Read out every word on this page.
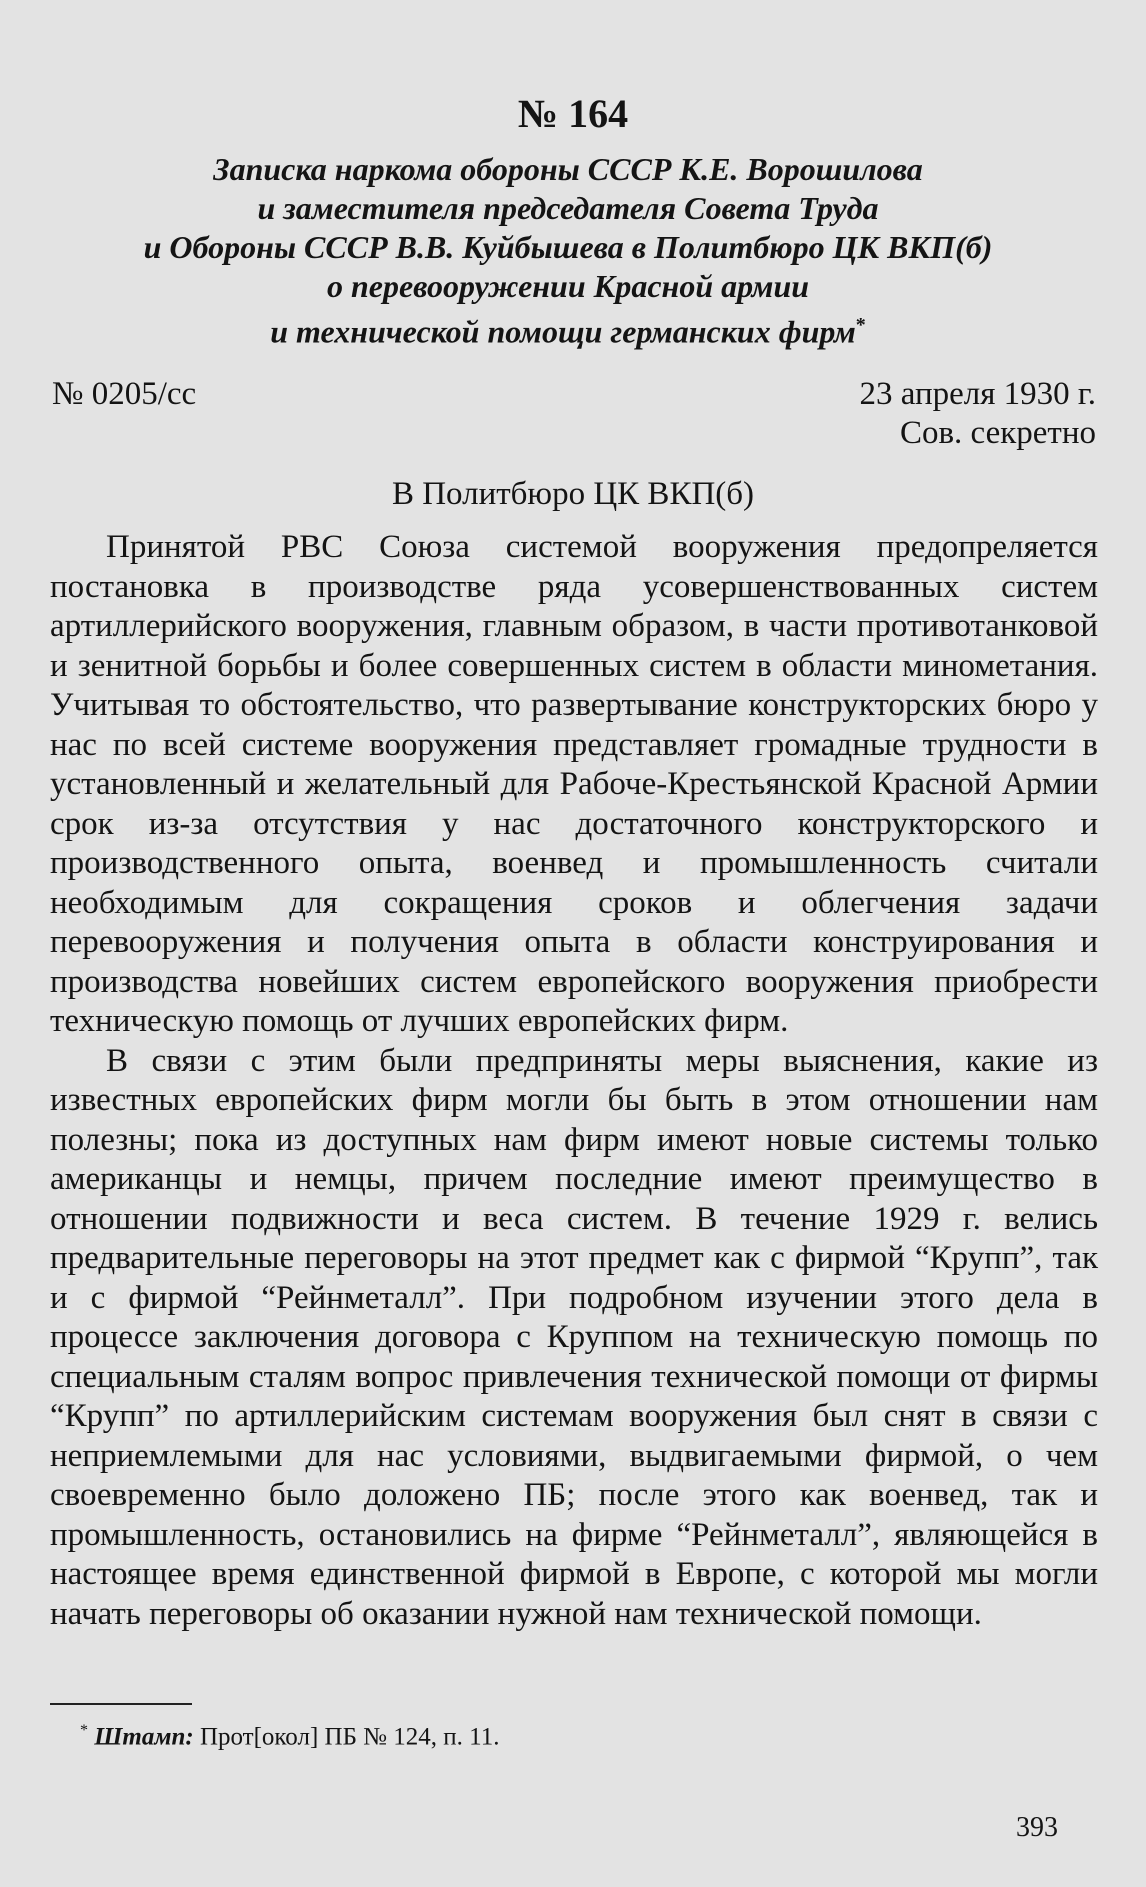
№ 164
Записка наркома обороны СССР К.Е. Ворошилова
и заместителя председателя Совета Труда
и Обороны СССР В.В. Куйбышева в Политбюро ЦК ВКП(б)
о перевооружении Красной армии
и технической помощи германских фирм*
№ 0205/сс	23 апреля 1930 г.
Сов. секретно
В Политбюро ЦК ВКП(б)

Принятой РВС Союза системой вооружения предопреляется постановка в производстве ряда усовершенствованных систем артиллерийского вооружения, главным образом, в части противотанковой и зенитной борьбы и более совершенных систем в области минометания. Учитывая то обстоятельство, что развертывание конструкторских бюро у нас по всей системе вооружения представляет громадные трудности в установленный и желательный для Рабоче-Крестьянской Красной Армии срок из-за отсутствия у нас достаточного конструкторского и производственного опыта, военвед и промышленность считали необходимым для сокращения сроков и облегчения задачи перевооружения и получения опыта в области конструирования и производства новейших систем европейского вооружения приобрести техническую помощь от лучших европейских фирм.

В связи с этим были предприняты меры выяснения, какие из известных европейских фирм могли бы быть в этом отношении нам полезны; пока из доступных нам фирм имеют новые системы только американцы и немцы, причем последние имеют преимущество в отношении подвижности и веса систем. В течение 1929 г. велись предварительные переговоры на этот предмет как с фирмой “Крупп”, так и с фирмой “Рейнметалл”. При подробном изучении этого дела в процессе заключения договора с Круппом на техническую помощь по специальным сталям вопрос привлечения технической помощи от фирмы “Крупп” по артиллерийским системам вооружения был снят в связи с неприемлемыми для нас условиями, выдвигаемыми фирмой, о чем своевременно было доложено ПБ; после этого как военвед, так и промышленность, остановились на фирме “Рейнметалл”, являющейся в настоящее время единственной фирмой в Европе, с которой мы могли начать переговоры об оказании нужной нам технической помощи.

* Штамп: Прот[окол] ПБ № 124, п. 11.
393
